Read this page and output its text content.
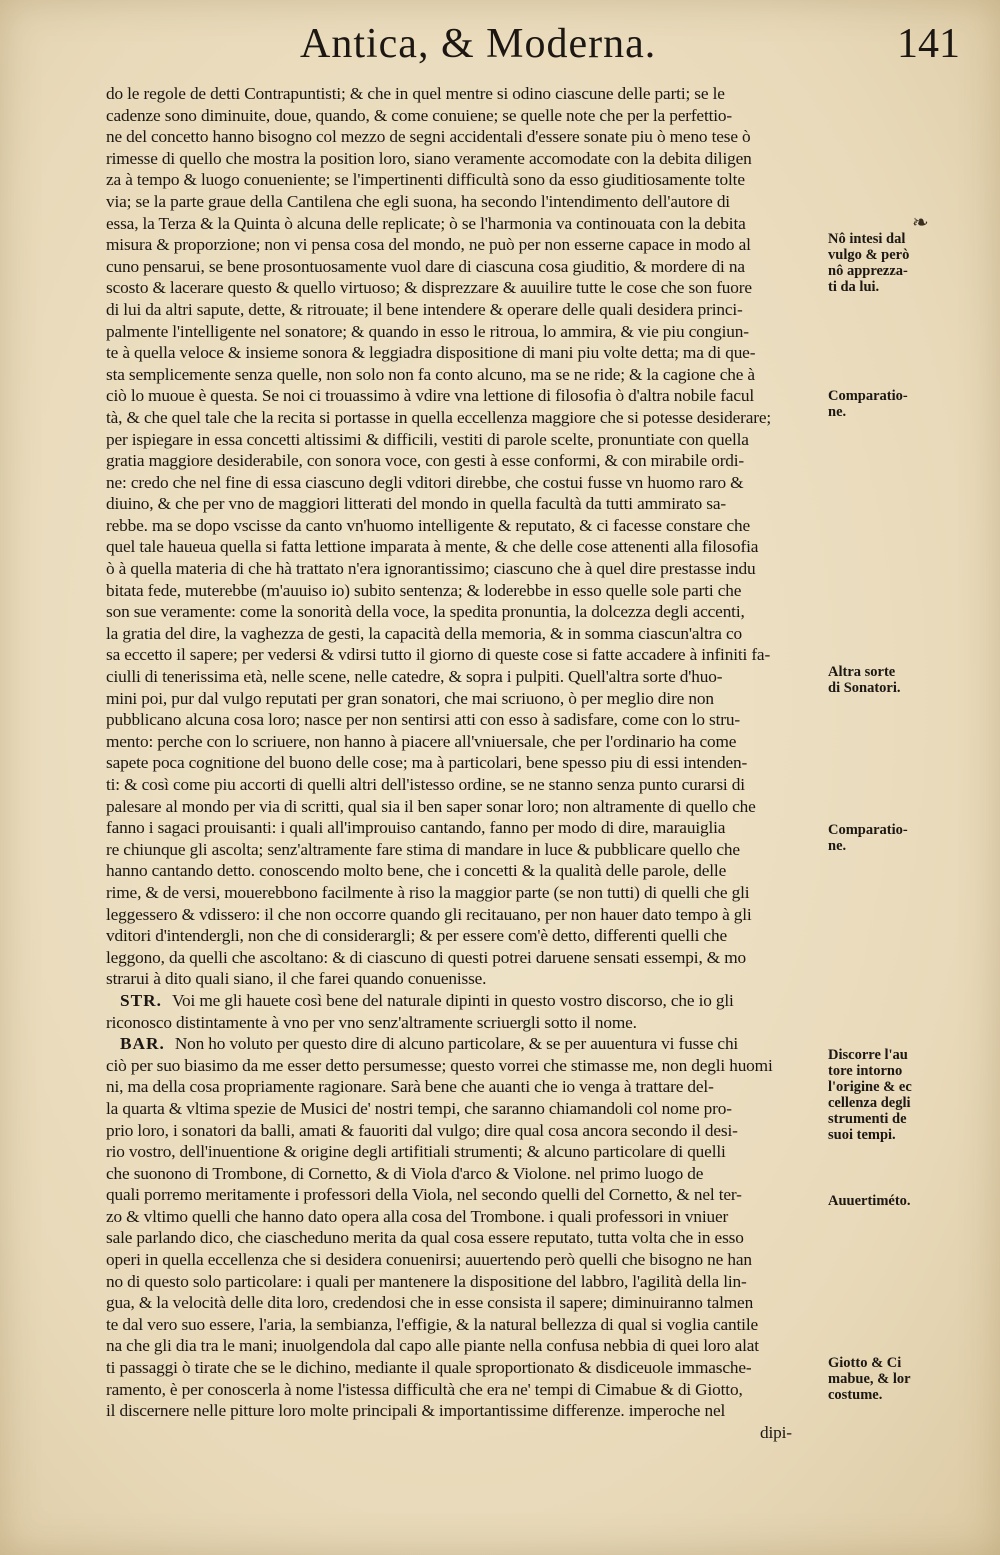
Antica, & Moderna.	141
do le regole de detti Contrapuntisti; & che in quel mentre si odino ciascune delle parti; se le
cadenze sono diminuite, doue, quando, & come conuiene; se quelle note che per la perfettio-
ne del concetto hanno bisogno col mezzo de segni accidentali d'essere sonate piu ò meno tese ò
rimesse di quello che mostra la position loro, siano veramente accomodate con la debita diligen
za à tempo & luogo conueniente; se l'impertinenti difficultà sono da esso giuditiosamente tolte
via; se la parte graue della Cantilena che egli suona, ha secondo l'intendimento dell'autore di
essa, la Terza & la Quinta ò alcuna delle replicate; ò se l'harmonia va continouata con la debita
misura & proporzione; non vi pensa cosa del mondo, ne può per non esserne capace in modo al
cuno pensarui, se bene prosontuosamente vuol dare di ciascuna cosa giuditio, & mordere di na
scosto & lacerare questo & quello virtuoso; & disprezzare & auuilire tutte le cose che son fuore
di lui da altri sapute, dette, & ritrouate; il bene intendere & operare delle quali desidera princi-
palmente l'intelligente nel sonatore; & quando in esso le ritroua, lo ammira, & vie piu congiun-
te à quella veloce & insieme sonora & leggiadra dispositione di mani piu volte detta; ma di que-
sta semplicemente senza quelle, non solo non fa conto alcuno, ma se ne ride; & la cagione che à
ciò lo muoue è questa. Se noi ci trouassimo à vdire vna lettione di filosofia ò d'altra nobile facul
tà, & che quel tale che la recita si portasse in quella eccellenza maggiore che si potesse desiderare;
per ispiegare in essa concetti altissimi & difficili, vestiti di parole scelte, pronuntiate con quella
gratia maggiore desiderabile, con sonora voce, con gesti à esse conformi, & con mirabile ordi-
ne: credo che nel fine di essa ciascuno degli vditori direbbe, che costui fusse vn huomo raro &
diuino, & che per vno de maggiori litterati del mondo in quella facultà da tutti ammirato sa-
rebbe. ma se dopo vscisse da canto vn'huomo intelligente & reputato, & ci facesse constare che
quel tale haueua quella si fatta lettione imparata à mente, & che delle cose attenenti alla filosofia
ò à quella materia di che hà trattato n'era ignorantissimo; ciascuno che à quel dire prestasse indu
bitata fede, muterebbe (m'auuiso io) subito sentenza; & loderebbe in esso quelle sole parti che
son sue veramente: come la sonorità della voce, la spedita pronuntia, la dolcezza degli accenti,
la gratia del dire, la vaghezza de gesti, la capacità della memoria, & in somma ciascun'altra co
sa eccetto il sapere; per vedersi & vdirsi tutto il giorno di queste cose si fatte accadere à infiniti fa-
ciulli di tenerissima età, nelle scene, nelle catedre, & sopra i pulpiti. Quell'altra sorte d'huo-
mini poi, pur dal vulgo reputati per gran sonatori, che mai scriuono, ò per meglio dire non
pubblicano alcuna cosa loro; nasce per non sentirsi atti con esso à sadisfare, come con lo stru-
mento: perche con lo scriuere, non hanno à piacere all'vniuersale, che per l'ordinario ha come
sapete poca cognitione del buono delle cose; ma à particolari, bene spesso piu di essi intenden-
ti: & così come piu accorti di quelli altri dell'istesso ordine, se ne stanno senza punto curarsi di
palesare al mondo per via di scritti, qual sia il ben saper sonar loro; non altramente di quello che
fanno i sagaci prouisanti: i quali all'improuiso cantando, fanno per modo di dire, marauiglia
re chiunque gli ascolta; senz'altramente fare stima di mandare in luce & pubblicare quello che
hanno cantando detto. conoscendo molto bene, che i concetti & la qualità delle parole, delle
rime, & de versi, mouerebbono facilmente à riso la maggior parte (se non tutti) di quelli che gli
leggessero & vdissero: il che non occorre quando gli recitauano, per non hauer dato tempo à gli
vditori d'intendergli, non che di considerargli; & per essere com'è detto, differenti quelli che
leggono, da quelli che ascoltano: & di ciascuno di questi potrei daruene sensati essempi, & mo
strarui à dito quali siano, il che farei quando conuenisse.
STR. Voi me gli hauete così bene del naturale dipinti in questo vostro discorso, che io gli
riconosco distintamente à vno per vno senz'altramente scriuergli sotto il nome.
BAR. Non ho voluto per questo dire di alcuno particolare, & se per auuentura vi fusse chi
ciò per suo biasimo da me esser detto persumesse; questo vorrei che stimasse me, non degli huomi
ni, ma della cosa propriamente ragionare. Sarà bene che auanti che io venga à trattare del-
la quarta & vltima spezie de Musici de' nostri tempi, che saranno chiamandoli col nome pro-
prio loro, i sonatori da balli, amati & fauoriti dal vulgo; dire qual cosa ancora secondo il desi-
rio vostro, dell'inuentione & origine degli artifitiali strumenti; & alcuno particolare di quelli
che suonono di Trombone, di Cornetto, & di Viola d'arco & Violone. nel primo luogo de
quali porremo meritamente i professori della Viola, nel secondo quelli del Cornetto, & nel ter-
zo & vltimo quelli che hanno dato opera alla cosa del Trombone. i quali professori in vniuer
sale parlando dico, che ciascheduno merita da qual cosa essere reputato, tutta volta che in esso
operi in quella eccellenza che si desidera conuenirsi; auuertendo però quelli che bisogno ne han
no di questo solo particolare: i quali per mantenere la dispositione del labbro, l'agilità della lin-
gua, & la velocità delle dita loro, credendosi che in esse consista il sapere; diminuiranno talmen
te dal vero suo essere, l'aria, la sembianza, l'effigie, & la natural bellezza di qual si voglia cantile
na che gli dia tra le mani; inuolgendola dal capo alle piante nella confusa nebbia di quei loro alat
ti passaggi ò tirate che se le dichino, mediante il quale sproportionato & disdiceuole immasche-
ramento, è per conoscerla à nome l'istessa difficultà che era ne' tempi di Cimabue & di Giotto,
il discernere nelle pitture loro molte principali & importantissime differenze. imperoche nel
dipi-
Nô intesi dal
vulgo & però
nô apprezza-
ti da lui.
Comparatio-
ne.
Altra sorte
di Sonatori.
Comparatio-
ne.
Discorre l'au
tore intorno
l'origine & ec
cellenza degli
strumenti de
suoi tempi.
Auuertiméto.
Giotto & Ci
mabue, & lor
costume.
❧
